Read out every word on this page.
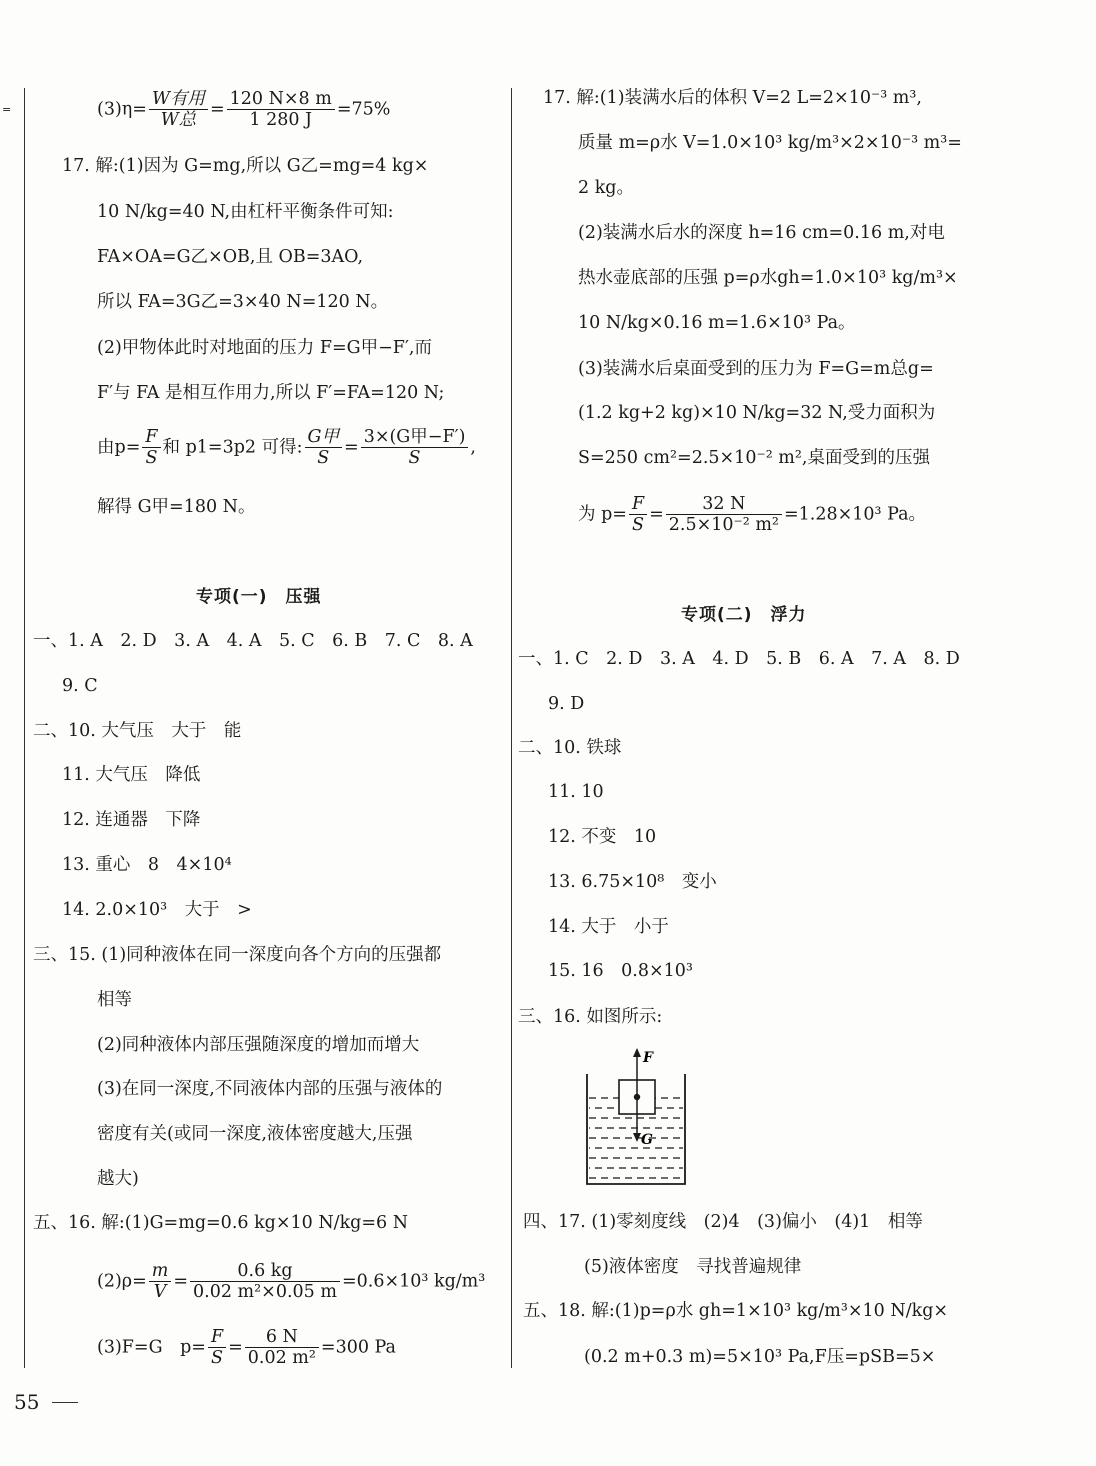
=	$(3)\eta= \frac{\text{W有用}}{\text{W总}} = \frac{120 N\times 8 m}{1 280 J} =75\%$
17. 解:(1)因为 G=mg,所以 G乙=mg=4 kg×
10 N/kg=40 N,由杠杆平衡条件可知:
FA×OA=G乙×OB,且 OB=3AO,
所以 FA=3G乙=3×40 N=120 N。
(2)甲物体此时对地面的压力 F=G甲−F′,而
F′与 FA 是相互作用力,所以 F′=FA=120 N;
由$p= \frac{F}{S}$ 和 p1=3p2 可得: $\frac{\text{G甲}}{S} = \frac{\text{3×(G甲−F′)}}{S}$ ,
解得 G甲=180 N。
专项(一)　压强
一、1. A　2. D　3. A　4. A　5. C　6. B　7. C　8. A
9. C
二、10. 大气压　大于　能
11. 大气压　降低
12. 连通器　下降
13. 重心　8　4×10⁴
14. 2.0×10³　大于　>
三、15. (1)同种液体在同一深度向各个方向的压强都
相等
(2)同种液体内部压强随深度的增加而增大
(3)在同一深度,不同液体内部的压强与液体的
密度有关(或同一深度,液体密度越大,压强
越大)
五、16. 解:(1)G=mg=0.6 kg×10 N/kg=6 N
$(2)\rho= \frac{m}{V} = \frac{0.6 kg}{\text{0.02 m²×0.05 m}} =0.6\times 10^3$ kg/m³
(3)F=G　$p= \frac{F}{S} = \frac{6 N}{\text{0.02 m²}} =300$ Pa
55
17. 解:(1)装满水后的体积 V=2 L=2×10⁻³ m³,
质量 m=ρ水 V=1.0×10³ kg/m³×2×10⁻³ m³=
2 kg。
(2)装满水后水的深度 h=16 cm=0.16 m,对电
热水壶底部的压强 p=ρ水gh=1.0×10³ kg/m³×
10 N/kg×0.16 m=1.6×10³ Pa。
(3)装满水后桌面受到的压力为 F=G=m总g=
(1.2 kg+2 kg)×10 N/kg=32 N,受力面积为
S=250 cm²=2.5×10⁻² m²,桌面受到的压强
为 $p= \frac{F}{S} = \frac{32 N}{\text{2.5×10⁻² m²}} =1.28\times 10^3$ Pa。
专项(二)　浮力
一、1. C　2. D　3. A　4. D　5. B　6. A　7. A　8. D
9. D
二、10. 铁球
11. 10
12. 不变　10
13. 6.75×10⁸　变小
14. 大于　小于
15. 16　0.8×10³
三、16. 如图所示:
F
G
四、17. (1)零刻度线　(2)4　(3)偏小　(4)1　相等
(5)液体密度　寻找普遍规律
五、18. 解:(1)p=ρ水 gh=1×10³ kg/m³×10 N/kg×
(0.2 m+0.3 m)=5×10³ Pa,F压=pSB=5×
